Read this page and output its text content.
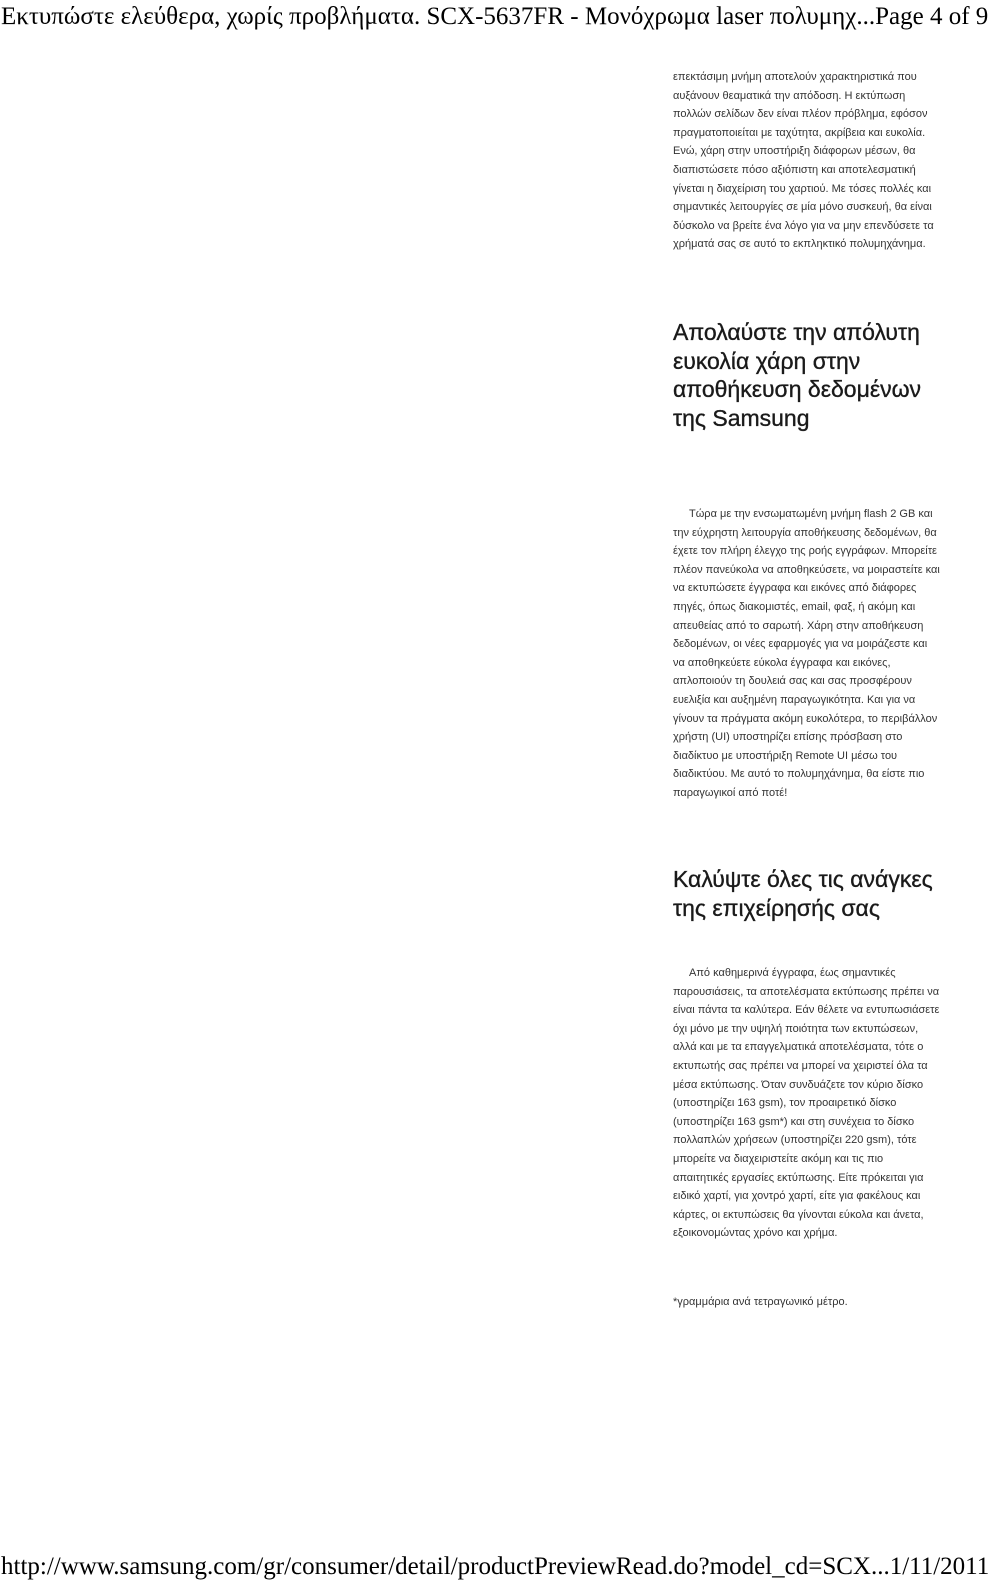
Εκτυπώστε ελεύθερα, χωρίς προβλήματα. SCX-5637FR - Μονόχρωμα laser πολυμηχ... Page 4 of 9

επεκτάσιμη μνήμη αποτελούν χαρακτηριστικά που αυξάνουν θεαματικά την απόδοση. Η εκτύπωση πολλών σελίδων δεν είναι πλέον πρόβλημα, εφόσον πραγματοποιείται με ταχύτητα, ακρίβεια και ευκολία. Ενώ, χάρη στην υποστήριξη διάφορων μέσων, θα διαπιστώσετε πόσο αξιόπιστη και αποτελεσματική γίνεται η διαχείριση του χαρτιού. Με τόσες πολλές και σημαντικές λειτουργίες σε μία μόνο συσκευή, θα είναι δύσκολο να βρείτε ένα λόγο για να μην επενδύσετε τα χρήματά σας σε αυτό το εκπληκτικό πολυμηχάνημα.

Απολαύστε την απόλυτη ευκολία χάρη στην αποθήκευση δεδομένων της Samsung

Τώρα με την ενσωματωμένη μνήμη flash 2 GB και την εύχρηστη λειτουργία αποθήκευσης δεδομένων, θα έχετε τον πλήρη έλεγχο της ροής εγγράφων. Μπορείτε πλέον πανεύκολα να αποθηκεύσετε, να μοιραστείτε και να εκτυπώσετε έγγραφα και εικόνες από διάφορες πηγές, όπως διακομιστές, email, φαξ, ή ακόμη και απευθείας από το σαρωτή. Χάρη στην αποθήκευση δεδομένων, οι νέες εφαρμογές για να μοιράζεστε και να αποθηκεύετε εύκολα έγγραφα και εικόνες, απλοποιούν τη δουλειά σας και σας προσφέρουν ευελιξία και αυξημένη παραγωγικότητα. Και για να γίνουν τα πράγματα ακόμη ευκολότερα, το περιβάλλον χρήστη (UI) υποστηρίζει επίσης πρόσβαση στο διαδίκτυο με υποστήριξη Remote UI μέσω του διαδικτύου. Με αυτό το πολυμηχάνημα, θα είστε πιο παραγωγικοί από ποτέ!

Καλύψτε όλες τις ανάγκες της επιχείρησής σας

Από καθημερινά έγγραφα, έως σημαντικές παρουσιάσεις, τα αποτελέσματα εκτύπωσης πρέπει να είναι πάντα τα καλύτερα. Εάν θέλετε να εντυπωσιάσετε όχι μόνο με την υψηλή ποιότητα των εκτυπώσεων, αλλά και με τα επαγγελματικά αποτελέσματα, τότε ο εκτυπωτής σας πρέπει να μπορεί να χειριστεί όλα τα μέσα εκτύπωσης. Όταν συνδυάζετε τον κύριο δίσκο (υποστηρίζει 163 gsm), τον προαιρετικό δίσκο (υποστηρίζει 163 gsm*) και στη συνέχεια το δίσκο πολλαπλών χρήσεων (υποστηρίζει 220 gsm), τότε μπορείτε να διαχειριστείτε ακόμη και τις πιο απαιτητικές εργασίες εκτύπωσης. Είτε πρόκειται για ειδικό χαρτί, για χοντρό χαρτί, είτε για φακέλους και κάρτες, οι εκτυπώσεις θα γίνονται εύκολα και άνετα, εξοικονομώντας χρόνο και χρήμα.

*γραμμάρια ανά τετραγωνικό μέτρο.

http://www.samsung.com/gr/consumer/detail/productPreviewRead.do?model_cd=SCX... 1/11/2011
